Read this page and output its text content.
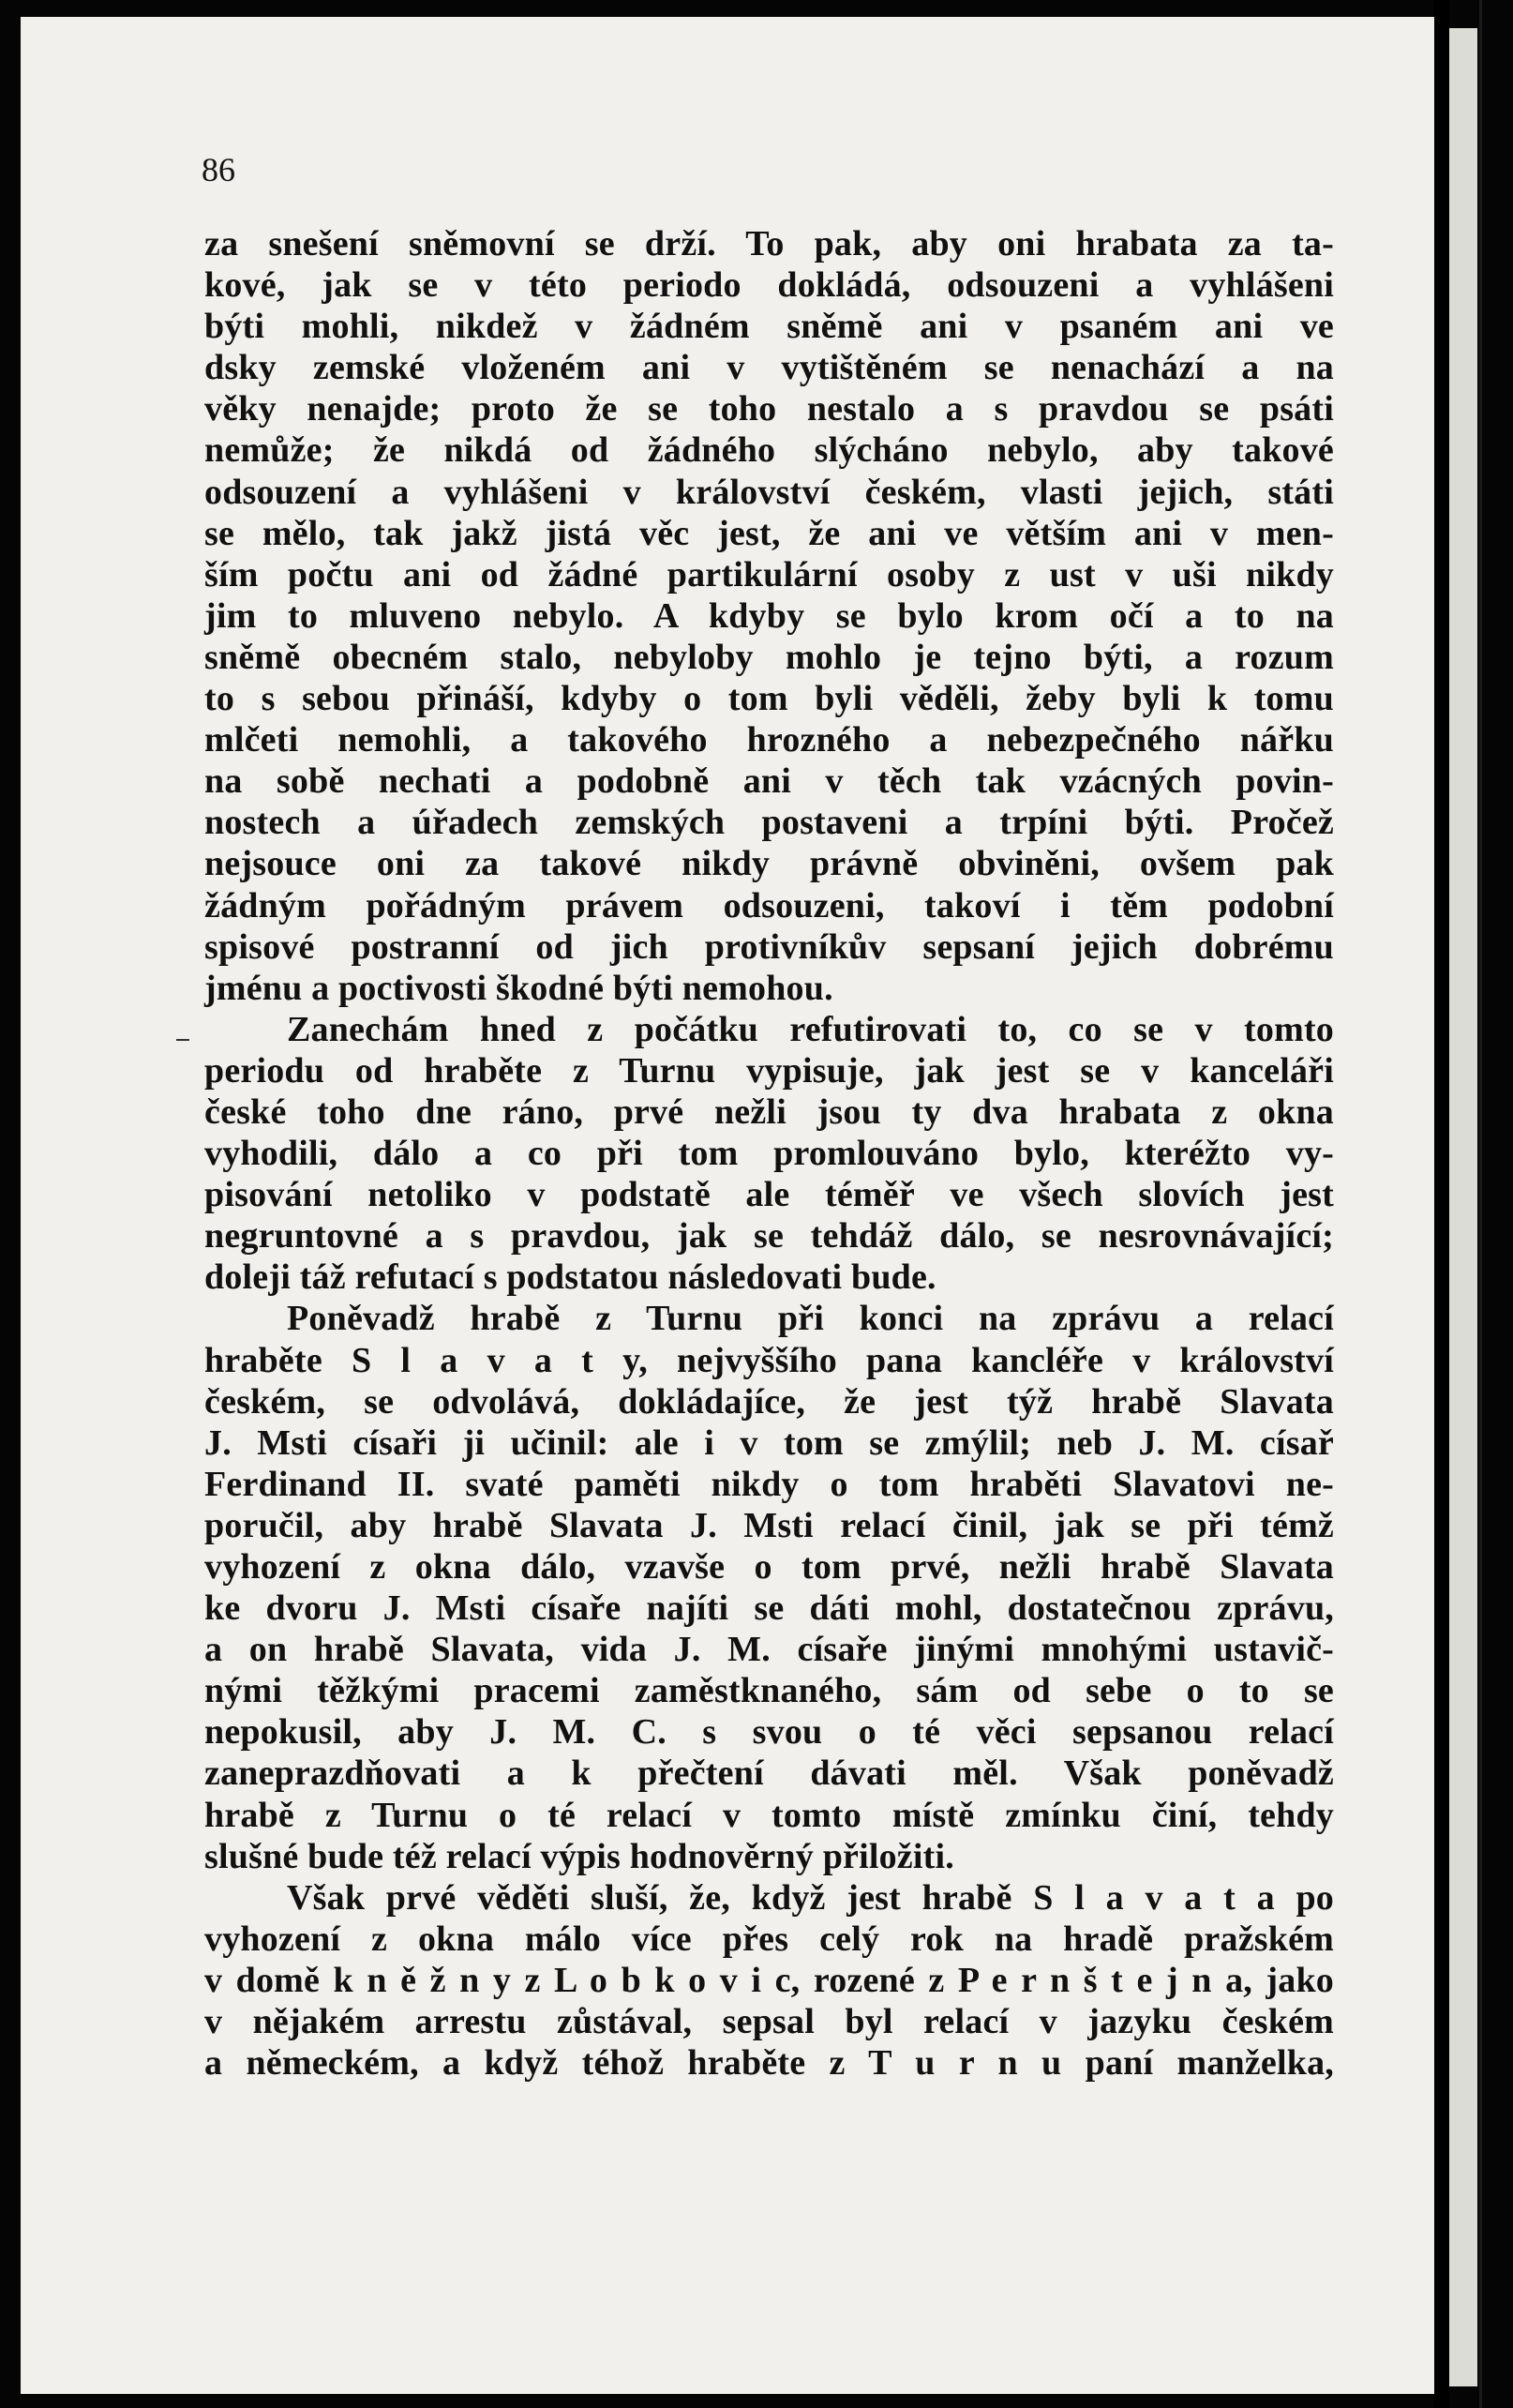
86
za snešení sněmovní se drží. To pak, aby oni hrabata za ta-
kové, jak se v této periodo dokládá, odsouzeni a vyhlášeni
býti mohli, nikdež v žádném sněmě ani v psaném ani ve
dsky zemské vloženém ani v vytištěném se nenachází a na
věky nenajde; proto že se toho nestalo a s pravdou se psáti
nemůže; že nikdá od žádného slýcháno nebylo, aby takové
odsouzení a vyhlášeni v království českém, vlasti jejich, státi
se mělo, tak jakž jistá věc jest, že ani ve větším ani v men-
ším počtu ani od žádné partikulární osoby z ust v uši nikdy
jim to mluveno nebylo. A kdyby se bylo krom očí a to na
sněmě obecném stalo, nebyloby mohlo je tejno býti, a rozum
to s sebou přináší, kdyby o tom byli věděli, žeby byli k tomu
mlčeti nemohli, a takového hrozného a nebezpečného nářku
na sobě nechati a podobně ani v těch tak vzácných povin-
nostech a úřadech zemských postaveni a trpíni býti. Pročež
nejsouce oni za takové nikdy právně obviněni, ovšem pak
žádným pořádným právem odsouzeni, takoví i těm podobní
spisové postranní od jich protivníkův sepsaní jejich dobrému
jménu a poctivosti škodné býti nemohou.
Zanechám hned z počátku refutirovati to, co se v tomto
periodu od hraběte z Turnu vypisuje, jak jest se v kanceláři
české toho dne ráno, prvé nežli jsou ty dva hrabata z okna
vyhodili, dálo a co při tom promlouváno bylo, kteréžto vy-
pisování netoliko v podstatě ale téměř ve všech slovích jest
negruntovné a s pravdou, jak se tehdáž dálo, se nesrovnávající;
doleji táž refutací s podstatou následovati bude.
Poněvadž hrabě z Turnu při konci na zprávu a relací
hraběte S l a v a t y, nejvyššího pana kancléře v království
českém, se odvolává, dokládajíce, že jest týž hrabě Slavata
J. Msti císaři ji učinil: ale i v tom se zmýlil; neb J. M. císař
Ferdinand II. svaté paměti nikdy o tom hraběti Slavatovi ne-
poručil, aby hrabě Slavata J. Msti relací činil, jak se při témž
vyhození z okna dálo, vzavše o tom prvé, nežli hrabě Slavata
ke dvoru J. Msti císaře najíti se dáti mohl, dostatečnou zprávu,
a on hrabě Slavata, vida J. M. císaře jinými mnohými ustavič-
nými těžkými pracemi zaměstknaného, sám od sebe o to se
nepokusil, aby J. M. C. s svou o té věci sepsanou relací
zaneprazdňovati a k přečtení dávati měl. Však poněvadž
hrabě z Turnu o té relací v tomto místě zmínku činí, tehdy
slušné bude též relací výpis hodnověrný přiložiti.
Však prvé věděti sluší, že, když jest hrabě S l a v a t a po
vyhození z okna málo více přes celý rok na hradě pražském
v domě k n ě ž n y z L o b k o v i c, rozené z P e r n š t e j n a, jako
v nějakém arrestu zůstával, sepsal byl relací v jazyku českém
a německém, a když téhož hraběte z T u r n u paní manželka,
